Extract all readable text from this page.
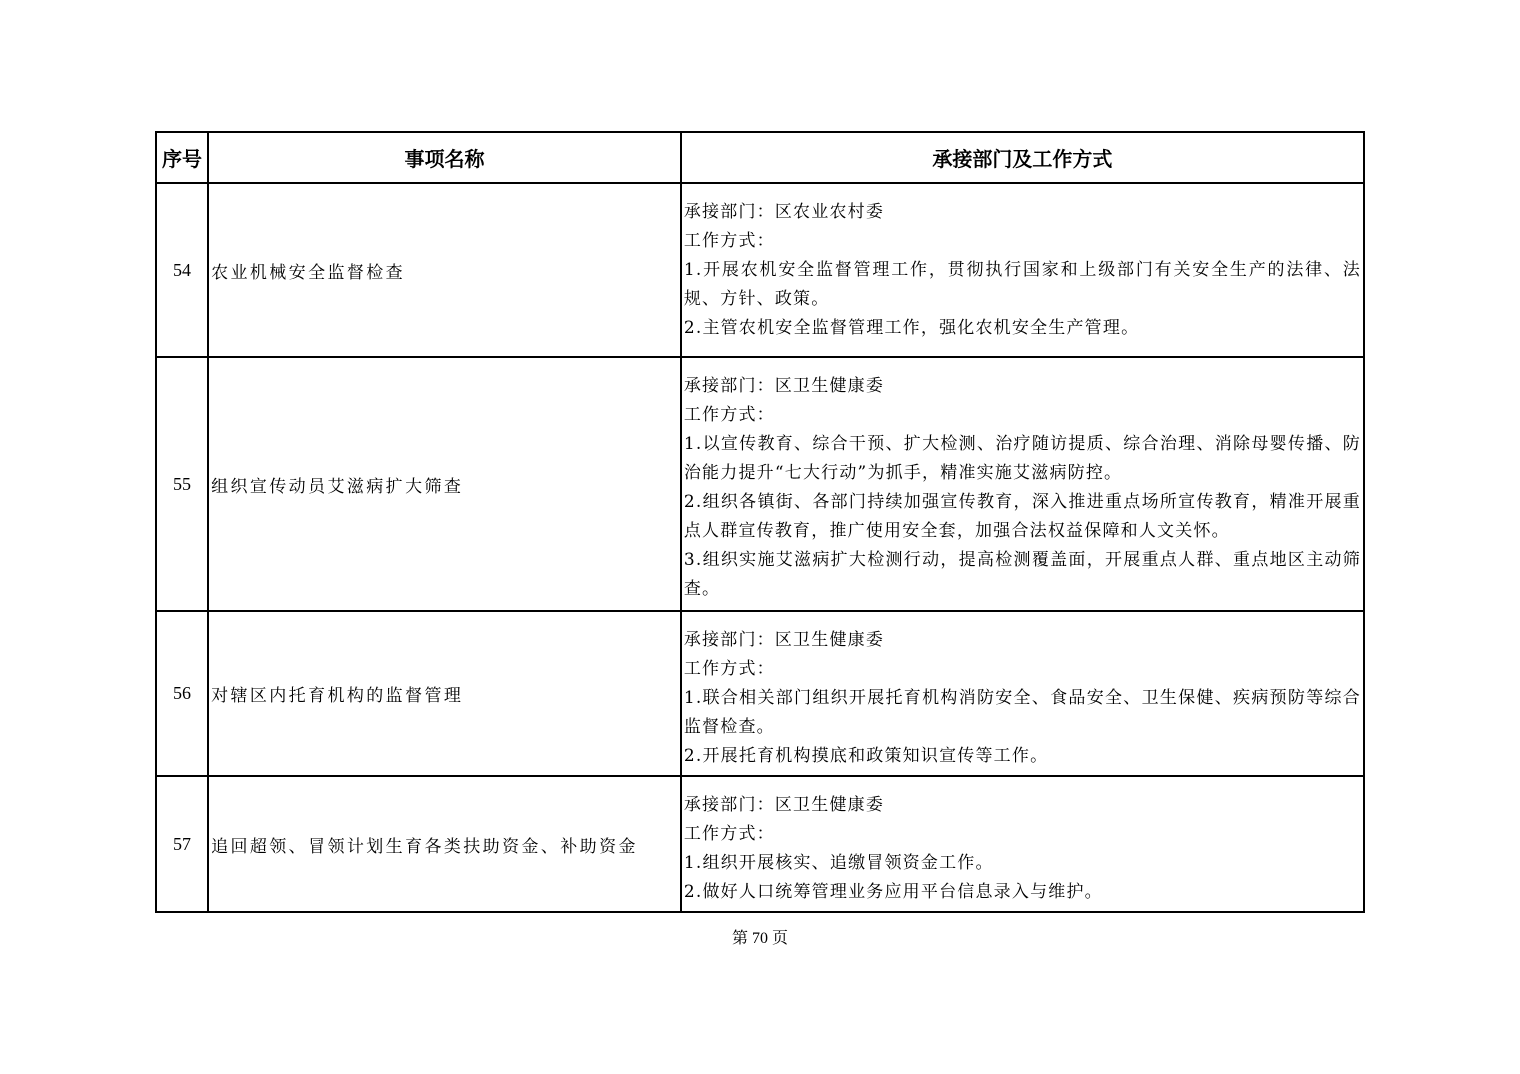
序号	事项名称	承接部门及工作方式
54	农业机械安全监督检查	承接部门：区农业农村委
工作方式：
1.开展农机安全监督管理工作，贯彻执行国家和上级部门有关安全生产的法律、法规、方针、政策。
2.主管农机安全监督管理工作，强化农机安全生产管理。

55	组织宣传动员艾滋病扩大筛查	承接部门：区卫生健康委
工作方式：
1.以宣传教育、综合干预、扩大检测、治疗随访提质、综合治理、消除母婴传播、防治能力提升“七大行动”为抓手，精准实施艾滋病防控。
2.组织各镇街、各部门持续加强宣传教育，深入推进重点场所宣传教育，精准开展重点人群宣传教育，推广使用安全套，加强合法权益保障和人文关怀。
3.组织实施艾滋病扩大检测行动，提高检测覆盖面，开展重点人群、重点地区主动筛查。

56	对辖区内托育机构的监督管理	承接部门：区卫生健康委
工作方式：
1.联合相关部门组织开展托育机构消防安全、食品安全、卫生保健、疾病预防等综合监督检查。
2.开展托育机构摸底和政策知识宣传等工作。

57	追回超领、冒领计划生育各类扶助资金、补助资金	承接部门：区卫生健康委
工作方式：
1.组织开展核实、追缴冒领资金工作。
2.做好人口统筹管理业务应用平台信息录入与维护。
第 70 页
